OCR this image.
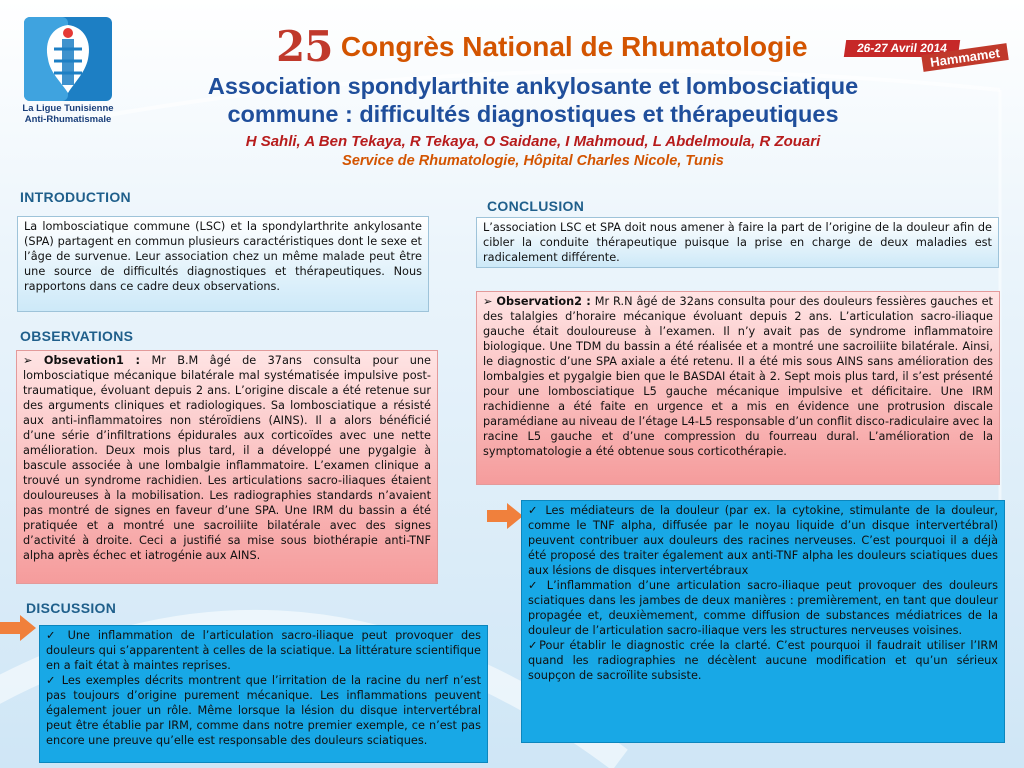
La Ligue Tunisienne
Anti-Rhumatismale
25 Congrès National de Rhumatologie	26-27 Avril 2014
Hammamet
Association spondylarthite ankylosante et lombosciatique
commune : difficultés diagnostiques et thérapeutiques
H Sahli, A Ben Tekaya, R Tekaya, O Saidane, I Mahmoud, L Abdelmoula, R Zouari
Service de Rhumatologie, Hôpital Charles Nicole, Tunis
INTRODUCTION

La lombosciatique commune (LSC) et la spondylarthrite ankylosante (SPA) partagent en commun plusieurs caractéristiques dont le sexe et l’âge de survenue. Leur association chez un même malade peut être une source de difficultés diagnostiques et thérapeutiques. Nous rapportons dans ce cadre deux observations.

OBSERVATIONS

➢ Obsevation1 : Mr B.M âgé de 37ans consulta pour une lombosciatique mécanique bilatérale mal systématisée impulsive post-traumatique, évoluant depuis 2 ans. L’origine discale a été retenue sur des arguments cliniques et radiologiques. Sa lombosciatique a résisté aux anti-inflammatoires non stéroïdiens (AINS). Il a alors bénéficié d’une série d’infiltrations épidurales aux corticoïdes avec une nette amélioration. Deux mois plus tard, il a développé une pygalgie à bascule associée à une lombalgie inflammatoire. L’examen clinique a trouvé un syndrome rachidien. Les articulations sacro-iliaques étaient douloureuses à la mobilisation. Les radiographies standards n’avaient pas montré de signes en faveur d’une SPA. Une IRM du bassin a été pratiquée et a montré une sacroiliite bilatérale avec des signes d’activité à droite. Ceci a justifié sa mise sous biothérapie anti-TNF alpha après échec et iatrogénie aux AINS.

DISCUSSION

✓ Une inflammation de l’articulation sacro-iliaque peut provoquer des douleurs qui s’apparentent à celles de la sciatique. La littérature scientifique en a fait état à maintes reprises.

✓ Les exemples décrits montrent que l’irritation de la racine du nerf n’est pas toujours d’origine purement mécanique. Les inflammations peuvent également jouer un rôle. Même lorsque la lésion du disque intervertébral peut être établie par IRM, comme dans notre premier exemple, ce n’est pas encore une preuve qu’elle est responsable des douleurs sciatiques.

CONCLUSION

L’association LSC et SPA doit nous amener à faire la part de l’origine de la douleur afin de cibler la conduite thérapeutique puisque la prise en charge de deux maladies est radicalement différente.

➢ Observation2 : Mr R.N âgé de 32ans consulta pour des douleurs fessières gauches et des talalgies d’horaire mécanique évoluant depuis 2 ans. L’articulation sacro-iliaque gauche était douloureuse à l’examen. Il n’y avait pas de syndrome inflammatoire biologique. Une TDM du bassin a été réalisée et a montré une sacroiliite bilatérale. Ainsi, le diagnostic d’une SPA axiale a été retenu. Il a été mis sous AINS sans amélioration des lombalgies et pygalgie bien que le BASDAI était à 2. Sept mois plus tard, il s’est présenté pour une lombosciatique L5 gauche mécanique impulsive et déficitaire. Une IRM rachidienne a été faite en urgence et a mis en évidence une protrusion discale paramédiane au niveau de l’étage L4-L5 responsable d’un conflit disco-radiculaire avec la racine L5 gauche et d’une compression du fourreau dural. L’amélioration de la symptomatologie a été obtenue sous corticothérapie.

✓ Les médiateurs de la douleur (par ex. la cytokine, stimulante de la douleur, comme le TNF alpha, diffusée par le noyau liquide d’un disque intervertébral) peuvent contribuer aux douleurs des racines nerveuses. C’est pourquoi il a déjà été proposé des traiter également aux anti-TNF alpha les douleurs sciatiques dues aux lésions de disques intervertébraux

✓ L’inflammation d’une articulation sacro-iliaque peut provoquer des douleurs sciatiques dans les jambes de deux manières : premièrement, en tant que douleur propagée et, deuxièmement, comme diffusion de substances médiatrices de la douleur de l’articulation sacro-iliaque vers les structures nerveuses voisines.

✓Pour établir le diagnostic crée la clarté. C’est pourquoi il faudrait utiliser l’IRM quand les radiographies ne décèlent aucune modification et qu’un sérieux soupçon de sacroïlite subsiste.
